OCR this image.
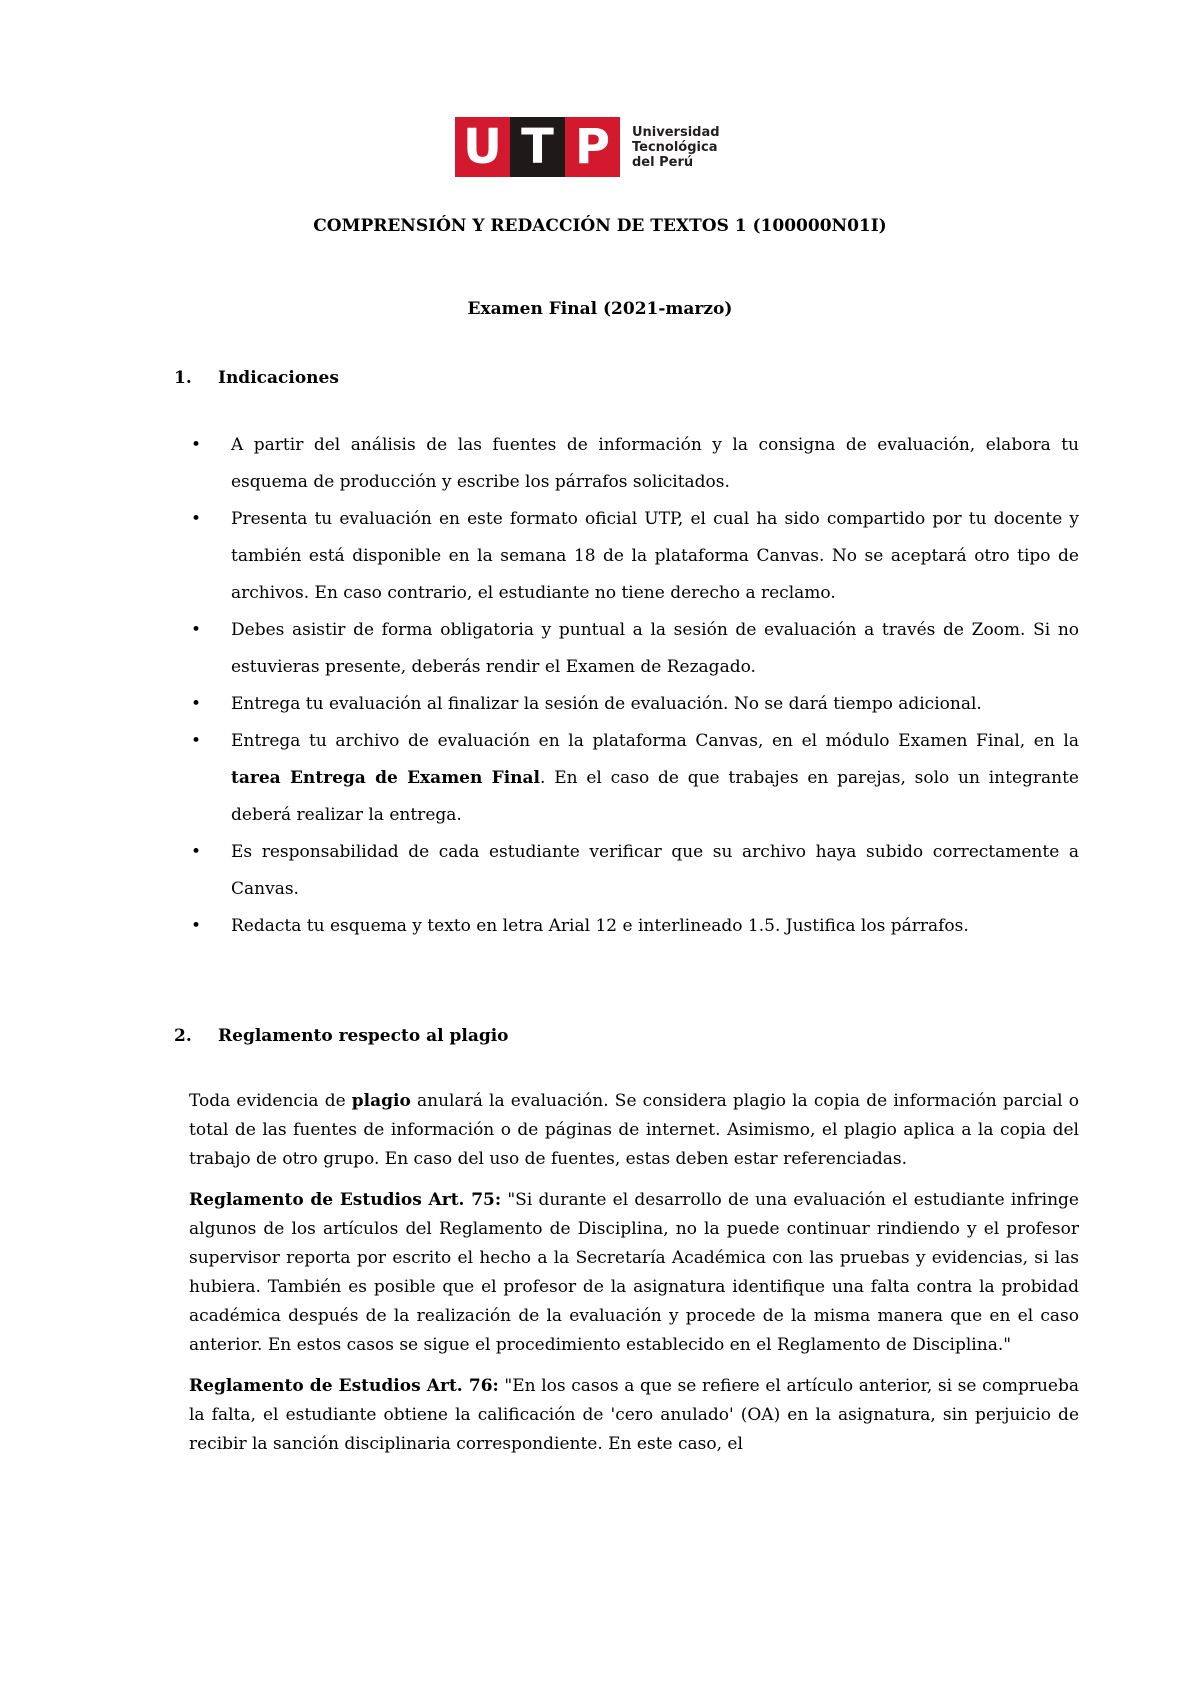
U T P	Universidad
Tecnológica
del Perú
COMPRENSIÓN Y REDACCIÓN DE TEXTOS 1 (100000N01I)
Examen Final (2021-marzo)
1. Indicaciones
• A partir del análisis de las fuentes de información y la consigna de evaluación, elabora tu esquema de producción y escribe los párrafos solicitados.
• Presenta tu evaluación en este formato oficial UTP, el cual ha sido compartido por tu docente y también está disponible en la semana 18 de la plataforma Canvas. No se aceptará otro tipo de archivos. En caso contrario, el estudiante no tiene derecho a reclamo.
• Debes asistir de forma obligatoria y puntual a la sesión de evaluación a través de Zoom. Si no estuvieras presente, deberás rendir el Examen de Rezagado.
• Entrega tu evaluación al finalizar la sesión de evaluación. No se dará tiempo adicional.
• Entrega tu archivo de evaluación en la plataforma Canvas, en el módulo Examen Final, en la tarea Entrega de Examen Final. En el caso de que trabajes en parejas, solo un integrante deberá realizar la entrega.
• Es responsabilidad de cada estudiante verificar que su archivo haya subido correctamente a Canvas.
• Redacta tu esquema y texto en letra Arial 12 e interlineado 1.5. Justifica los párrafos.
2. Reglamento respecto al plagio

Toda evidencia de plagio anulará la evaluación. Se considera plagio la copia de información parcial o total de las fuentes de información o de páginas de internet. Asimismo, el plagio aplica a la copia del trabajo de otro grupo. En caso del uso de fuentes, estas deben estar referenciadas.

Reglamento de Estudios Art. 75: "Si durante el desarrollo de una evaluación el estudiante infringe algunos de los artículos del Reglamento de Disciplina, no la puede continuar rindiendo y el profesor supervisor reporta por escrito el hecho a la Secretaría Académica con las pruebas y evidencias, si las hubiera. También es posible que el profesor de la asignatura identifique una falta contra la probidad académica después de la realización de la evaluación y procede de la misma manera que en el caso anterior. En estos casos se sigue el procedimiento establecido en el Reglamento de Disciplina."

Reglamento de Estudios Art. 76: "En los casos a que se refiere el artículo anterior, si se comprueba la falta, el estudiante obtiene la calificación de 'cero anulado' (OA) en la asignatura, sin perjuicio de recibir la sanción disciplinaria correspondiente. En este caso, el
